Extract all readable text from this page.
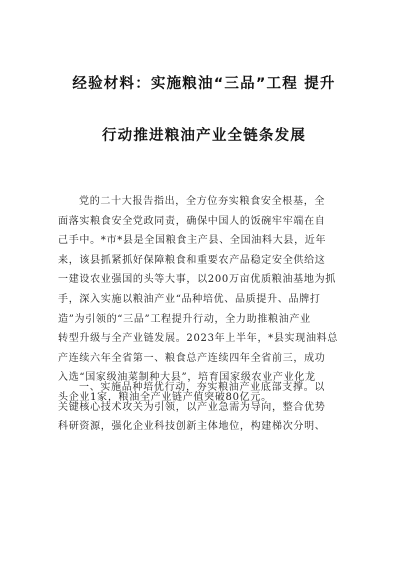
经验材料：实施粮油“三品”工程 提升
行动推进粮油产业全链条发展
党的二十大报告指出，全方位夯实粮食安全根基，全
面落实粮食安全党政同责，确保中国人的饭碗牢牢端在自
己手中。*市*县是全国粮食主产县、全国油料大县，近年
来，该县抓紧抓好保障粮食和重要农产品稳定安全供给这
一建设农业强国的头等大事，以200万亩优质粮油基地为抓
手，深入实施以粮油产业“品种培优、品质提升、品牌打
造”为引领的“三品”工程提升行动，全力助推粮油产业
转型升级与全产业链发展。2023年上半年，*县实现油料总
产连续六年全省第一、粮食总产连续四年全省前三，成功
入选“国家级油菜制种大县”，培育国家级农业产业化龙
头企业1家，粮油全产业链产值突破80亿元。
一、实施品种培优行动，夯实粮油产业底部支撑。以
关键核心技术攻关为引领，以产业急需为导向，整合优势
科研资源，强化企业科技创新主体地位，构建梯次分明、
